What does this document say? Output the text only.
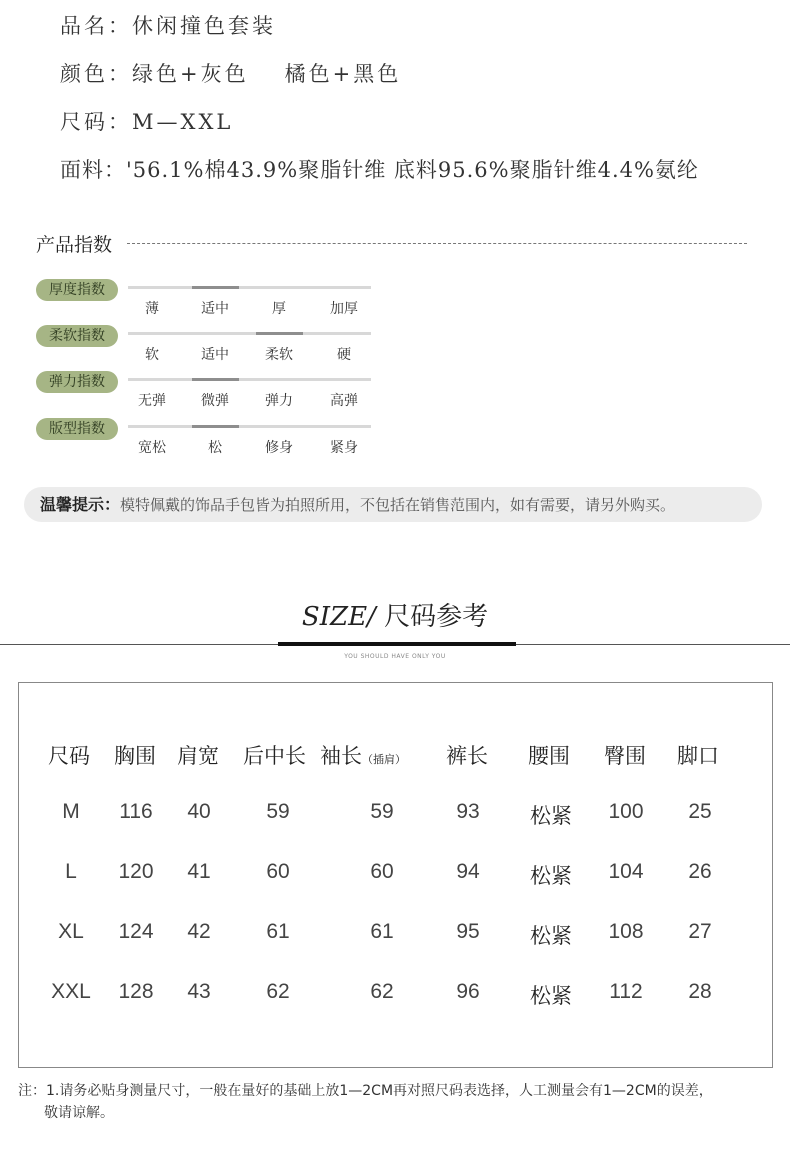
品名：休闲撞色套装
颜色：绿色+灰色 橘色+黑色
尺码：M—XXL
面料：'56.1%棉43.9%聚脂针维 底料95.6%聚脂针维4.4%氨纶
产品指数
厚度指数
薄	适中	厚	加厚
柔软指数
软	适中	柔软	硬
弹力指数
无弹	微弹	弹力	高弹
版型指数
宽松	松	修身	紧身
温馨提示：模特佩戴的饰品手包皆为拍照所用，不包括在销售范围内，如有需要，请另外购买。
SIZE/ 尺码参考
YOU SHOULD HAVE ONLY YOU
尺码 胸围 肩宽 后中长 袖长（插肩） 裤长 腰围 臀围 脚口
M	116	40	59	59	93	松紧	100	25
L	120	41	60	60	94	松紧	104	26
XL	124	42	61	61	95	松紧	108	27
XXL	128	43	62	62	96	松紧	112	28
注：1.请务必贴身测量尺寸，一般在量好的基础上放1—2CM再对照尺码表选择，人工测量会有1—2CM的误差，
敬请谅解。
